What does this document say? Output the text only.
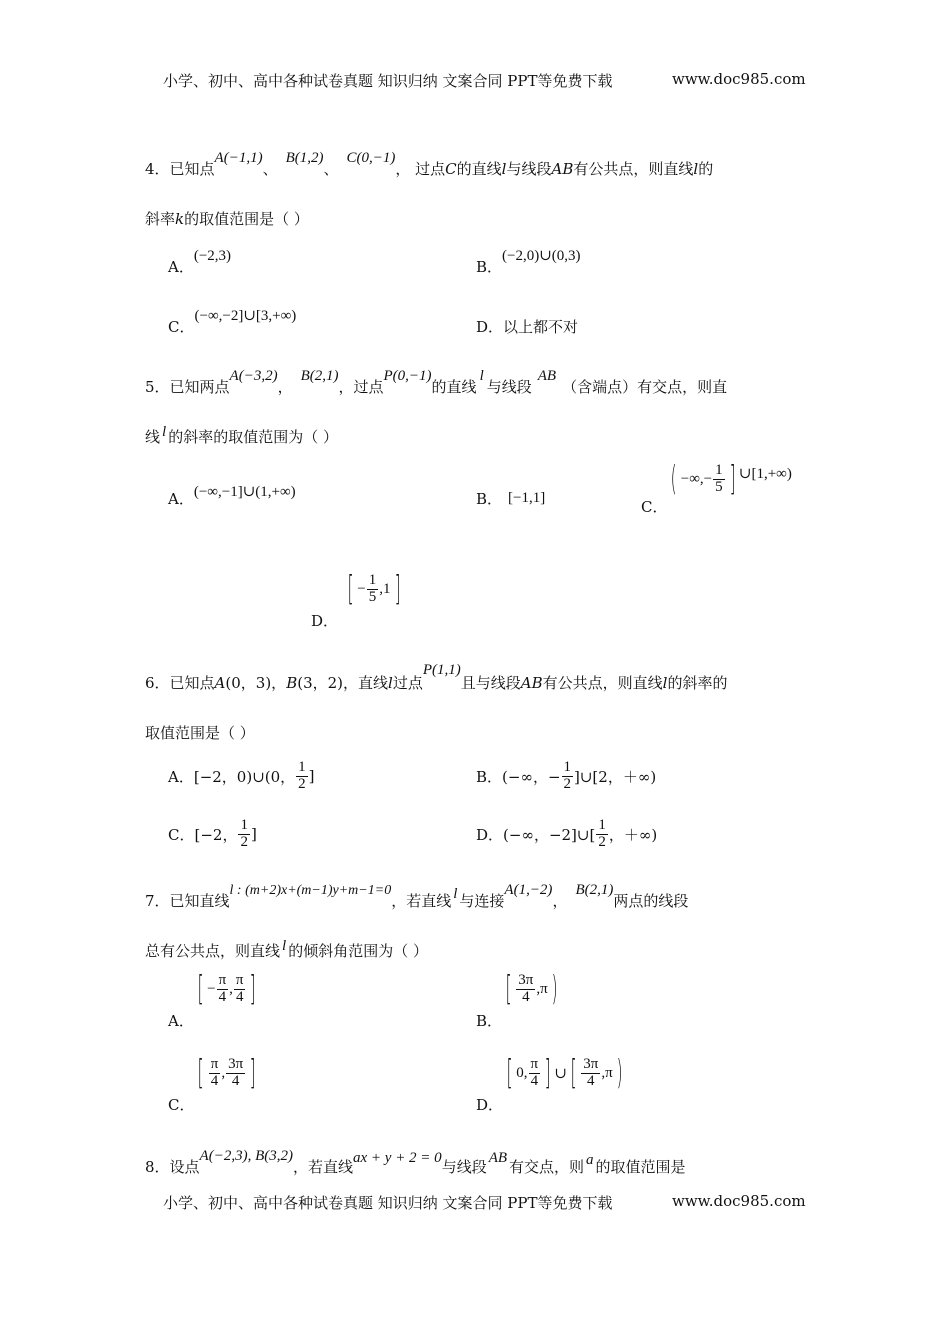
小学、初中、高中各种试卷真题 知识归纳 文案合同 PPT等免费下载	www.doc985.com
4．已知点A(−1,1)、B(1,2)、C(0,−1)， 过点C的直线l与线段AB有公共点，则直线l的
斜率k的取值范围是（ ）
A．(−2,3)
B．(−2,0)∪(0,3)
C．(−∞,−2]∪[3,+∞)
D．以上都不对
5．已知两点A(−3,2)，B(2,1)，过点P(0,−1)的直线l与线段AB（含端点）有交点，则直
线 l 的斜率的取值范围为（ ）
A．(−∞,−1]∪(1,+∞)	B． [−1,1]	C．
( −∞,− $\frac{1}{5}$ ] ∪[1,+∞)
D．
[ − $\frac{1}{5} ,1$ ]
6．已知点A(0，3)，B(3，2)，直线l过点P(1,1)且与线段AB有公共点，则直线l的斜率的
取值范围是（ ）
A． [−2，0)∪(0， $\frac{1}{2}$ ]	B． (−∞，− $\frac{1}{2}$ ]∪[2，＋∞)
C． [−2， $\frac{1}{2}$ ]	D． (−∞，−2]∪[ $\frac{1}{2}$ ，＋∞)
7．已知直线l : (m+2)x+(m−1)y+m−1=0，若直线 l 与连接A(1,−2)，B(2,1)两点的线段
总有公共点，则直线 l 的倾斜角范围为（ ）
A．
[ − $\frac{\pi}{4}$ , $\frac{\pi}{4}$ ]
B．
[ $\frac{3\pi}{4} ,\pi$ )
C．
[ $\frac{\pi}{4}$ , $\frac{3\pi}{4}$ ]
D．
[ 0, $\frac{\pi}{4}$ ] ∪ [ $\frac{3\pi}{4} ,\pi$ )
8．设点A(−2,3), B(3,2)，若直线ax + y + 2 = 0与线段 AB 有交点，则 a 的取值范围是
小学、初中、高中各种试卷真题 知识归纳 文案合同 PPT等免费下载	www.doc985.com
